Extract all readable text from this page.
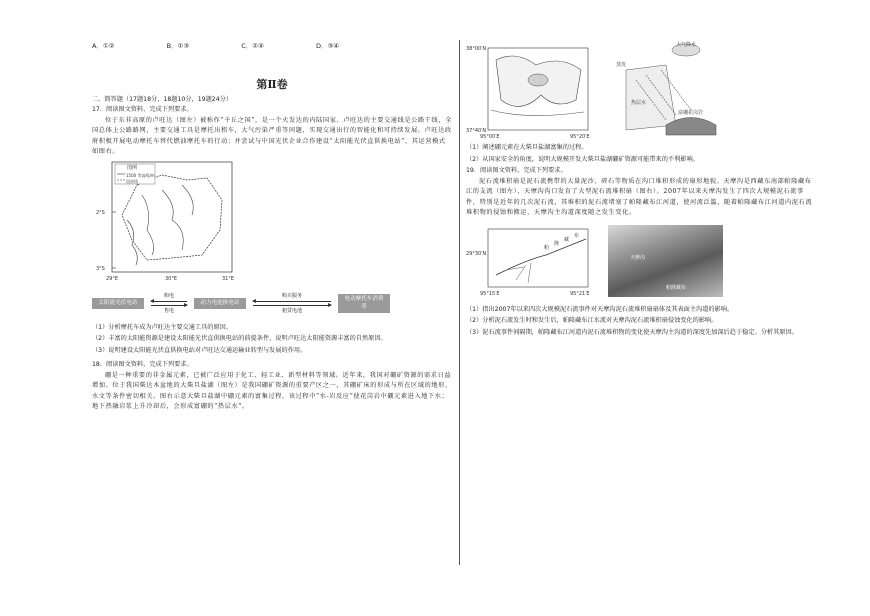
A．①②	B．①③	C．②④	D．③④
第Ⅱ卷

二、简答题（17题18分，18题10分，19题24分）

17．阅读图文资料，完成下列要求。

位于东非高原的卢旺达（图左）被称作“千丘之国”，是一个火发达的内陆国家。卢旺达的主要交通线是公路干线，全国总体上公路路网，主要交通工具是摩托出租车，大气污染严重等问题，实现交通出行的智能化和可持续发展。卢旺达政府积极开展电动摩托车替代燃油摩托车的行动；并尝试与中国光伏企业合作建设“太阳能光伏直供换电站”，其运营模式如图右。

图例
1500 等高线/m
国界线
2°S
3°S
29°E	30°E	31°E
太阳能光伏电站
购电
售电
动力电池换电站
购买服务
租赁电池
电动摩托车消费者

（1）分析摩托车成为卢旺达主要交通工具的原因。

（2）丰富的太阳能资源是建设太阳能光伏直供换电站的前提条件，说明卢旺达太阳能资源丰富的自然原因。

（3）说明建设太阳能光伏直供换电站对卢旺达交通运输业转型与发展的作用。

18．阅读图文资料，完成下列要求。

硼是一种重要的非金属元素，已被广泛应用于化工、轻工业、新型材料等领域。近年来，我国对硼矿资源的需求日益增加。位于我国柴达木盆地的大柴旦盐湖（图左）是我国硼矿资源的重要产区之一，其硼矿床的形成与所在区域的地形、水文等条件密切相关。图右示意大柴旦盐湖中硼元素的富集过程，该过程中“水-岩反应”使花岗岩中硼元素进入地下水；地下热融岩浆上升冷却后，会形成富硼的“热层水”。

38°00′N
37°40′N
95°00′E	95°20′E
大气降水
蒸发
热层水
富硼花岗岩

（1）阐述硼元素在大柴旦盐湖富集的过程。

（2）从国家安全的角度，说明大规模开发大柴旦盐湖硼矿资源可能带来的不利影响。

19．阅读图文资料，完成下列要求。

泥石流堆积扇是泥石流携带的大量泥沙、碎石等物质在沟口堆积形成的扇形地貌。天摩沟是西藏东南部帕隆藏布江的支流（图左），天摩沟沟口发育了大型泥石流堆积扇（图右）。2007年以来天摩沟发生了四次大规模泥石流事件，特别是近年的几次泥石流，其堆积的泥石流堵塞了帕隆藏布江河道，使河流泛滥，随着帕隆藏布江河道内泥石流堆积物的侵蚀和搬运，天摩沟主沟道深度随之发生变化。

29°30′N
95°15′E	95°21′E
帕
隆
藏
布
天摩沟
帕隆藏布

（1）指出2007年以来四次大规模泥石流事件对天摩沟泥石流堆积扇扇体及其表面主沟道的影响。

（2）分析泥石流发生时和发生后，帕隆藏布江水流对天摩沟泥石流堆积扇侵蚀变化的影响。

（3）泥石流事件间隔期，帕隆藏布江河道内泥石流堆积物的变化使天摩沟主沟道的深度先加深后趋于稳定。分析其原因。
